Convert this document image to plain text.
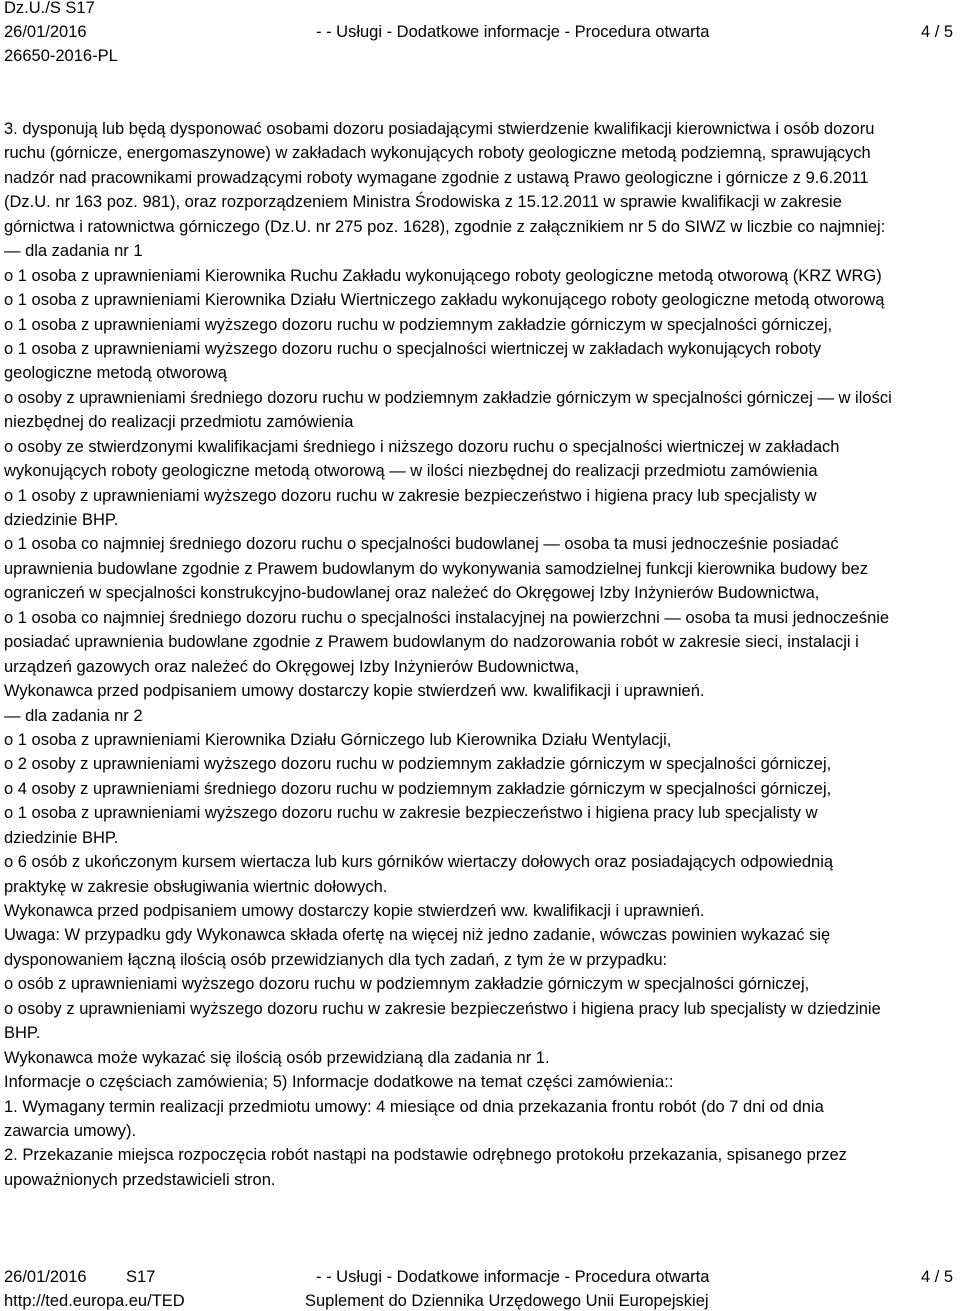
Dz.U./S S17
26/01/2016	- - Usługi - Dodatkowe informacje - Procedura otwarta	4 / 5
26650-2016-PL
3. dysponują lub będą dysponować osobami dozoru posiadającymi stwierdzenie kwalifikacji kierownictwa i osób dozoru
ruchu (górnicze, energomaszynowe) w zakładach wykonujących roboty geologiczne metodą podziemną, sprawujących
nadzór nad pracownikami prowadzącymi roboty wymagane zgodnie z ustawą Prawo geologiczne i górnicze z 9.6.2011
(Dz.U. nr 163 poz. 981), oraz rozporządzeniem Ministra Środowiska z 15.12.2011 w sprawie kwalifikacji w zakresie
górnictwa i ratownictwa górniczego (Dz.U. nr 275 poz. 1628), zgodnie z załącznikiem nr 5 do SIWZ w liczbie co najmniej:
— dla zadania nr 1
o 1 osoba z uprawnieniami Kierownika Ruchu Zakładu wykonującego roboty geologiczne metodą otworową (KRZ WRG)
o 1 osoba z uprawnieniami Kierownika Działu Wiertniczego zakładu wykonującego roboty geologiczne metodą otworową
o 1 osoba z uprawnieniami wyższego dozoru ruchu w podziemnym zakładzie górniczym w specjalności górniczej,
o 1 osoba z uprawnieniami wyższego dozoru ruchu o specjalności wiertniczej w zakładach wykonujących roboty
geologiczne metodą otworową
o osoby z uprawnieniami średniego dozoru ruchu w podziemnym zakładzie górniczym w specjalności górniczej — w ilości
niezbędnej do realizacji przedmiotu zamówienia
o osoby ze stwierdzonymi kwalifikacjami średniego i niższego dozoru ruchu o specjalności wiertniczej w zakładach
wykonujących roboty geologiczne metodą otworową — w ilości niezbędnej do realizacji przedmiotu zamówienia
o 1 osoby z uprawnieniami wyższego dozoru ruchu w zakresie bezpieczeństwo i higiena pracy lub specjalisty w
dziedzinie BHP.
o 1 osoba co najmniej średniego dozoru ruchu o specjalności budowlanej — osoba ta musi jednocześnie posiadać
uprawnienia budowlane zgodnie z Prawem budowlanym do wykonywania samodzielnej funkcji kierownika budowy bez
ograniczeń w specjalności konstrukcyjno-budowlanej oraz należeć do Okręgowej Izby Inżynierów Budownictwa,
o 1 osoba co najmniej średniego dozoru ruchu o specjalności instalacyjnej na powierzchni — osoba ta musi jednocześnie
posiadać uprawnienia budowlane zgodnie z Prawem budowlanym do nadzorowania robót w zakresie sieci, instalacji i
urządzeń gazowych oraz należeć do Okręgowej Izby Inżynierów Budownictwa,
Wykonawca przed podpisaniem umowy dostarczy kopie stwierdzeń ww. kwalifikacji i uprawnień.
— dla zadania nr 2
o 1 osoba z uprawnieniami Kierownika Działu Górniczego lub Kierownika Działu Wentylacji,
o 2 osoby z uprawnieniami wyższego dozoru ruchu w podziemnym zakładzie górniczym w specjalności górniczej,
o 4 osoby z uprawnieniami średniego dozoru ruchu w podziemnym zakładzie górniczym w specjalności górniczej,
o 1 osoba z uprawnieniami wyższego dozoru ruchu w zakresie bezpieczeństwo i higiena pracy lub specjalisty w
dziedzinie BHP.
o 6 osób z ukończonym kursem wiertacza lub kurs górników wiertaczy dołowych oraz posiadających odpowiednią
praktykę w zakresie obsługiwania wiertnic dołowych.
Wykonawca przed podpisaniem umowy dostarczy kopie stwierdzeń ww. kwalifikacji i uprawnień.
Uwaga: W przypadku gdy Wykonawca składa ofertę na więcej niż jedno zadanie, wówczas powinien wykazać się
dysponowaniem łączną ilością osób przewidzianych dla tych zadań, z tym że w przypadku:
o osób z uprawnieniami wyższego dozoru ruchu w podziemnym zakładzie górniczym w specjalności górniczej,
o osoby z uprawnieniami wyższego dozoru ruchu w zakresie bezpieczeństwo i higiena pracy lub specjalisty w dziedzinie
BHP.
Wykonawca może wykazać się ilością osób przewidzianą dla zadania nr 1.
Informacje o częściach zamówienia; 5) Informacje dodatkowe na temat części zamówienia::
1. Wymagany termin realizacji przedmiotu umowy: 4 miesiące od dnia przekazania frontu robót (do 7 dni od dnia
zawarcia umowy).
2. Przekazanie miejsca rozpoczęcia robót nastąpi na podstawie odrębnego protokołu przekazania, spisanego przez
upoważnionych przedstawicieli stron.
26/01/2016 S17	- - Usługi - Dodatkowe informacje - Procedura otwarta	4 / 5
http://ted.europa.eu/TED	Suplement do Dziennika Urzędowego Unii Europejskiej
